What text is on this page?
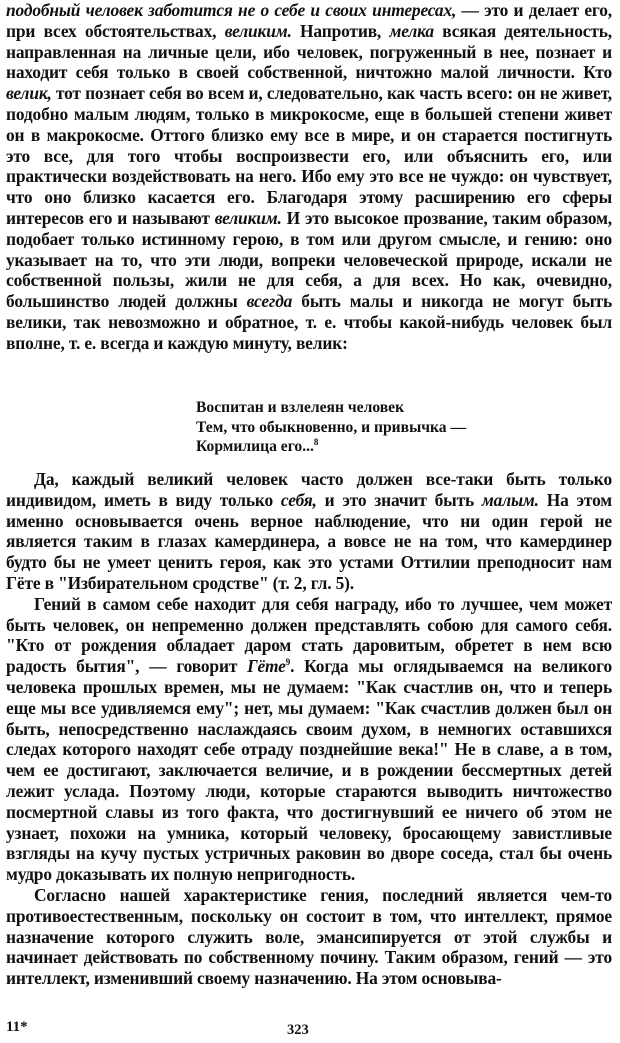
подобный человек заботится не о себе и своих интересах, — это и делает его, при всех обстоятельствах, великим. Напротив, мелка всякая деятельность, направленная на личные цели, ибо человек, погруженный в нее, познает и находит себя только в своей собственной, ничтожно малой личности. Кто велик, тот познает себя во всем и, следовательно, как часть всего: он не живет, подобно малым людям, только в микрокосме, еще в большей степени живет он в макрокосме. Оттого близко ему все в мире, и он старается постигнуть это все, для того чтобы воспроизвести его, или объяснить его, или практически воздействовать на него. Ибо ему это все не чуждо: он чувствует, что оно близко касается его. Благодаря этому расширению его сферы интересов его и называют великим. И это высокое прозвание, таким образом, подобает только истинному герою, в том или другом смысле, и гению: оно указывает на то, что эти люди, вопреки человеческой природе, искали не собственной пользы, жили не для себя, а для всех. Но как, очевидно, большинство людей должны всегда быть малы и никогда не могут быть велики, так невозможно и обратное, т. е. чтобы какой-нибудь человек был вполне, т. е. всегда и каждую минуту, велик:

Воспитан и взлелеян человек
Тем, что обыкновенно, и привычка —
Кормилица его...$^8$

Да, каждый великий человек часто должен все-таки быть только индивидом, иметь в виду только себя, и это значит быть малым. На этом именно основывается очень верное наблюдение, что ни один герой не является таким в глазах камердинера, а вовсе не на том, что камердинер будто бы не умеет ценить героя, как это устами Оттилии преподносит нам Гёте в "Избирательном сродстве" (т. 2, гл. 5).

Гений в самом себе находит для себя награду, ибо то лучшее, чем может быть человек, он непременно должен представлять собою для самого себя. "Кто от рождения обладает даром стать даровитым, обретет в нем всю радость бытия", — говорит Гёте$^9$. Когда мы оглядываемся на великого человека прошлых времен, мы не думаем: "Как счастлив он, что и теперь еще мы все удивляемся ему"; нет, мы думаем: "Как счастлив должен был он быть, непосредственно наслаждаясь своим духом, в немногих оставшихся следах которого находят себе отраду позднейшие века!" Не в славе, а в том, чем ее достигают, заключается величие, и в рождении бессмертных детей лежит услада. Поэтому люди, которые стараются выводить ничтожество посмертной славы из того факта, что достигнувший ее ничего об этом не узнает, похожи на умника, который человеку, бросающему завистливые взгляды на кучу пустых устричных раковин во дворе соседа, стал бы очень мудро доказывать их полную непригодность.

Согласно нашей характеристике гения, последний является чем-то противоестественным, поскольку он состоит в том, что интеллект, прямое назначение которого служить воле, эмансипируется от этой службы и начинает действовать по собственному почину. Таким образом, гений — это интеллект, изменивший своему назначению. На этом основыва-

11*	323
